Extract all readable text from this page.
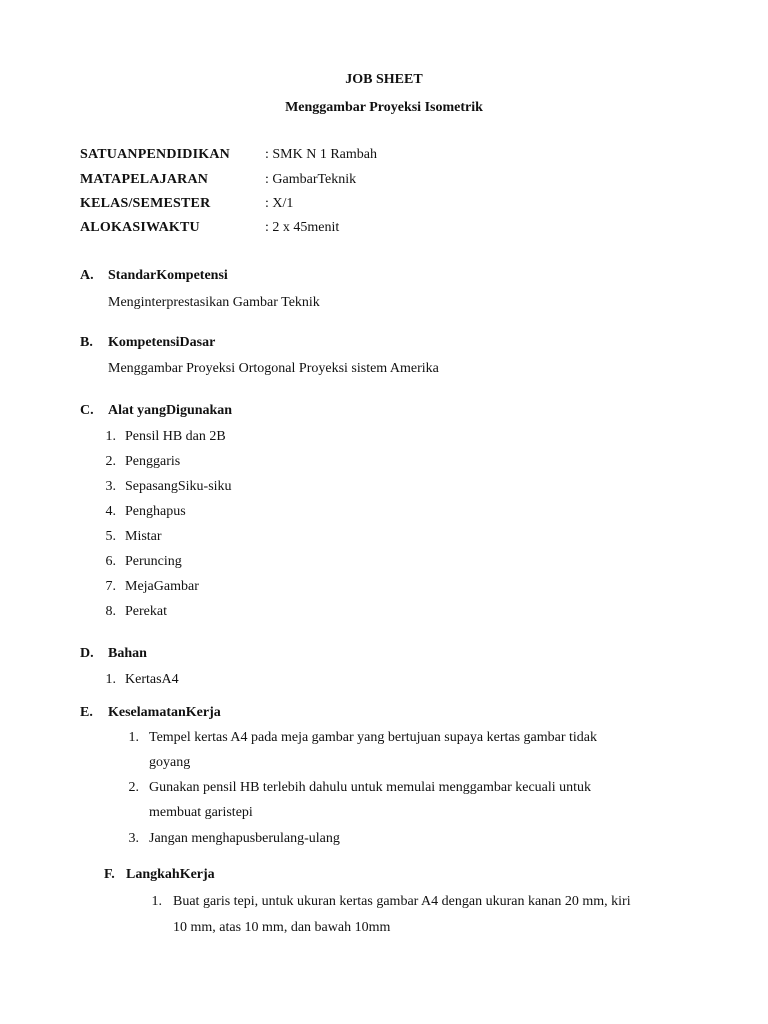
JOB SHEET
Menggambar Proyeksi Isometrik
SATUANPENDIDIKAN	: SMK N 1 Rambah
MATAPELAJARAN	: GambarTeknik
KELAS/SEMESTER	: X/1
ALOKASIWAKTU	: 2 x 45menit
A. StandarKompetensi
Menginterprestasikan Gambar Teknik
B. KompetensiDasar
Menggambar Proyeksi Ortogonal Proyeksi sistem Amerika
C. Alat yangDigunakan
1. Pensil HB dan 2B
2. Penggaris
3. SepasangSiku-siku
4. Penghapus
5. Mistar
6. Peruncing
7. MejaGambar
8. Perekat
D. Bahan
1. KertasA4
E. KeselamatanKerja
1. Tempel kertas A4 pada meja gambar yang bertujuan supaya kertas gambar tidak
goyang
2. Gunakan pensil HB terlebih dahulu untuk memulai menggambar kecuali untuk
membuat garistepi
3. Jangan menghapusberulang-ulang
F. LangkahKerja
1. Buat garis tepi, untuk ukuran kertas gambar A4 dengan ukuran kanan 20 mm, kiri
10 mm, atas 10 mm, dan bawah 10mm
